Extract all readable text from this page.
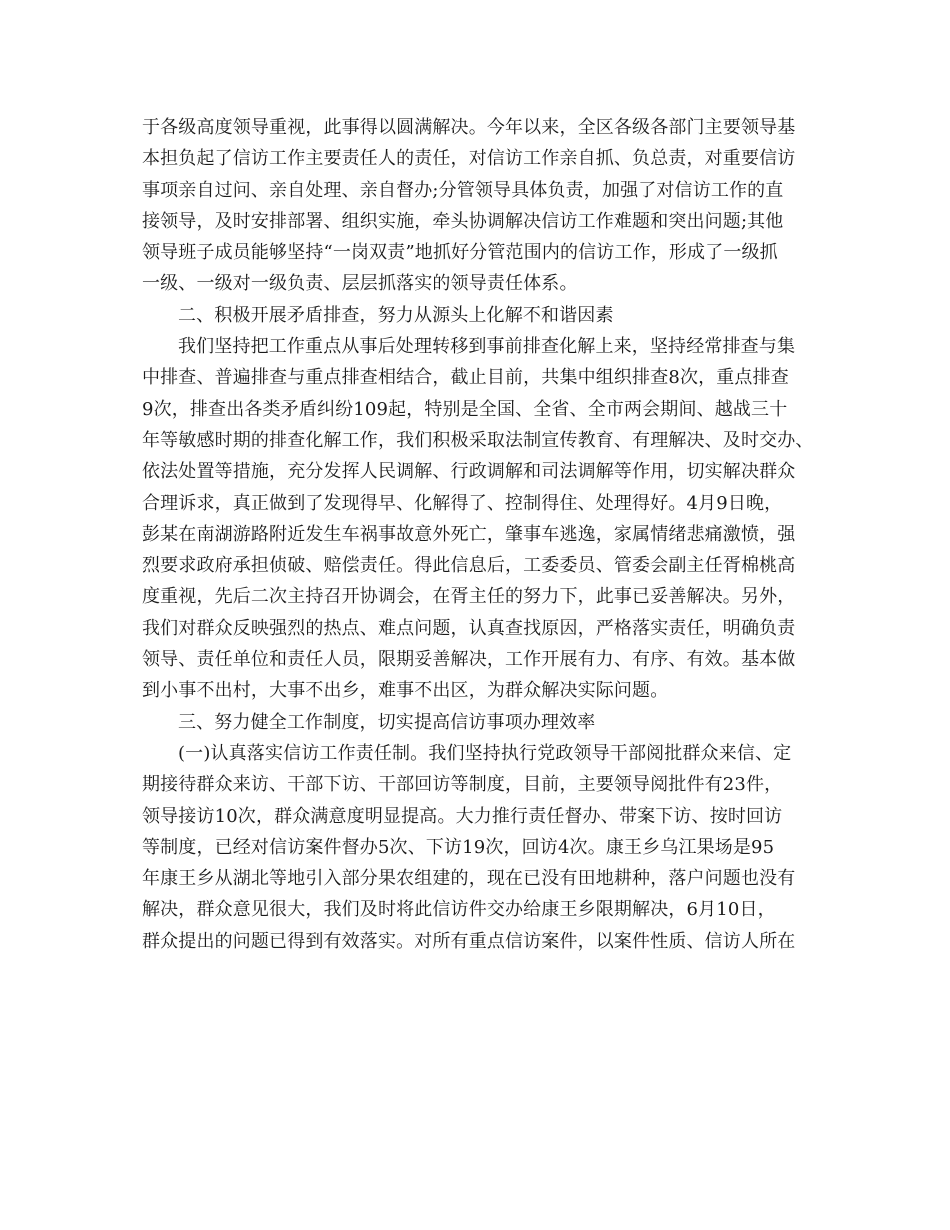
于各级高度领导重视，此事得以圆满解决。今年以来，全区各级各部门主要领导基
本担负起了信访工作主要责任人的责任，对信访工作亲自抓、负总责，对重要信访
事项亲自过问、亲自处理、亲自督办;分管领导具体负责，加强了对信访工作的直
接领导，及时安排部署、组织实施，牵头协调解决信访工作难题和突出问题;其他
领导班子成员能够坚持“一岗双责”地抓好分管范围内的信访工作，形成了一级抓
一级、一级对一级负责、层层抓落实的领导责任体系。
二、积极开展矛盾排查，努力从源头上化解不和谐因素
我们坚持把工作重点从事后处理转移到事前排查化解上来，坚持经常排查与集
中排查、普遍排查与重点排查相结合，截止目前，共集中组织排查8次，重点排查
9次，排查出各类矛盾纠纷109起，特别是全国、全省、全市两会期间、越战三十
年等敏感时期的排查化解工作，我们积极采取法制宣传教育、有理解决、及时交办、
依法处置等措施，充分发挥人民调解、行政调解和司法调解等作用，切实解决群众
合理诉求，真正做到了发现得早、化解得了、控制得住、处理得好。4月9日晚，
彭某在南湖游路附近发生车祸事故意外死亡，肇事车逃逸，家属情绪悲痛激愤，强
烈要求政府承担侦破、赔偿责任。得此信息后，工委委员、管委会副主任胥棉桃高
度重视，先后二次主持召开协调会，在胥主任的努力下，此事已妥善解决。另外，
我们对群众反映强烈的热点、难点问题，认真查找原因，严格落实责任，明确负责
领导、责任单位和责任人员，限期妥善解决，工作开展有力、有序、有效。基本做
到小事不出村，大事不出乡，难事不出区，为群众解决实际问题。
三、努力健全工作制度，切实提高信访事项办理效率
(一)认真落实信访工作责任制。我们坚持执行党政领导干部阅批群众来信、定
期接待群众来访、干部下访、干部回访等制度，目前，主要领导阅批件有23件，
领导接访10次，群众满意度明显提高。大力推行责任督办、带案下访、按时回访
等制度，已经对信访案件督办5次、下访19次，回访4次。康王乡乌江果场是95
年康王乡从湖北等地引入部分果农组建的，现在已没有田地耕种，落户问题也没有
解决，群众意见很大，我们及时将此信访件交办给康王乡限期解决，6月10日，
群众提出的问题已得到有效落实。对所有重点信访案件，以案件性质、信访人所在
